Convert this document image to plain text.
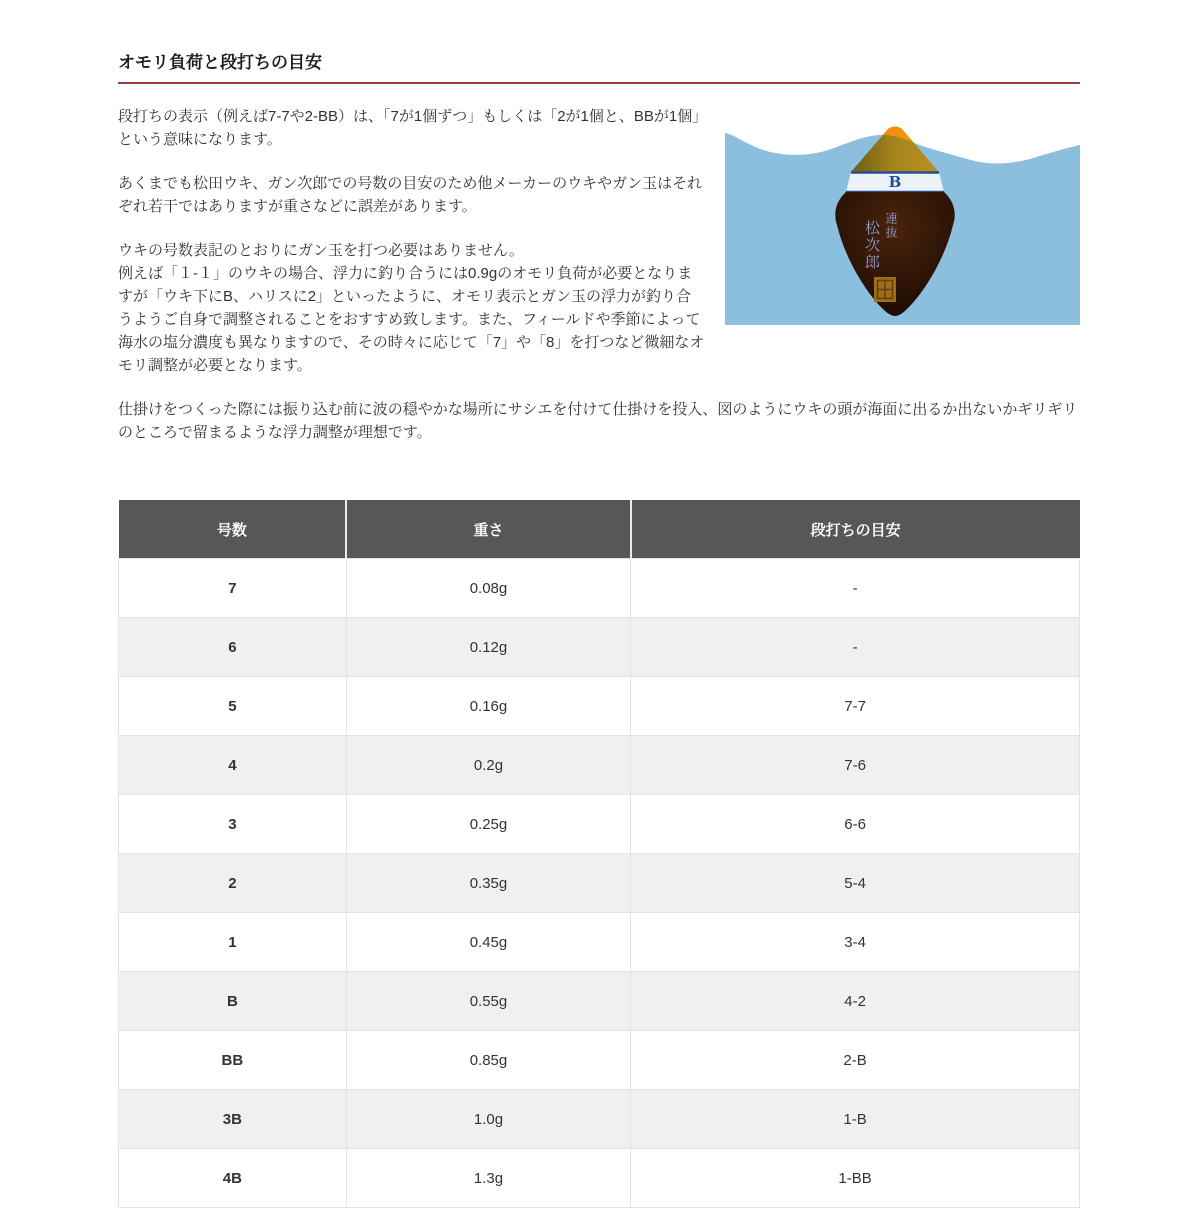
オモリ負荷と段打ちの目安
B
連抜
松次郎

段打ちの表示（例えば7-7や2-BB）は、「7が1個ずつ」もしくは「2が1個と、BBが1個」という意味になります。

あくまでも松田ウキ、ガン次郎での号数の目安のため他メーカーのウキやガン玉はそれぞれ若干ではありますが重さなどに誤差があります。

ウキの号数表記のとおりにガン玉を打つ必要はありません。
例えば「１-１」のウキの場合、浮力に釣り合うには0.9gのオモリ負荷が必要となりますが「ウキ下にB、ハリスに2」といったように、オモリ表示とガン玉の浮力が釣り合うようご自身で調整されることをおすすめ致します。また、フィールドや季節によって海水の塩分濃度も異なりますので、その時々に応じて「7」や「8」を打つなど微細なオモリ調整が必要となります。

仕掛けをつくった際には振り込む前に波の穏やかな場所にサシエを付けて仕掛けを投入、図のようにウキの頭が海面に出るか出ないかギリギリのところで留まるような浮力調整が理想です。

号数	重さ	段打ちの目安
7	0.08g	-
6	0.12g	-
5	0.16g	7-7
4	0.2g	7-6
3	0.25g	6-6
2	0.35g	5-4
1	0.45g	3-4
B	0.55g	4-2
BB	0.85g	2-B
3B	1.0g	1-B
4B	1.3g	1-BB
